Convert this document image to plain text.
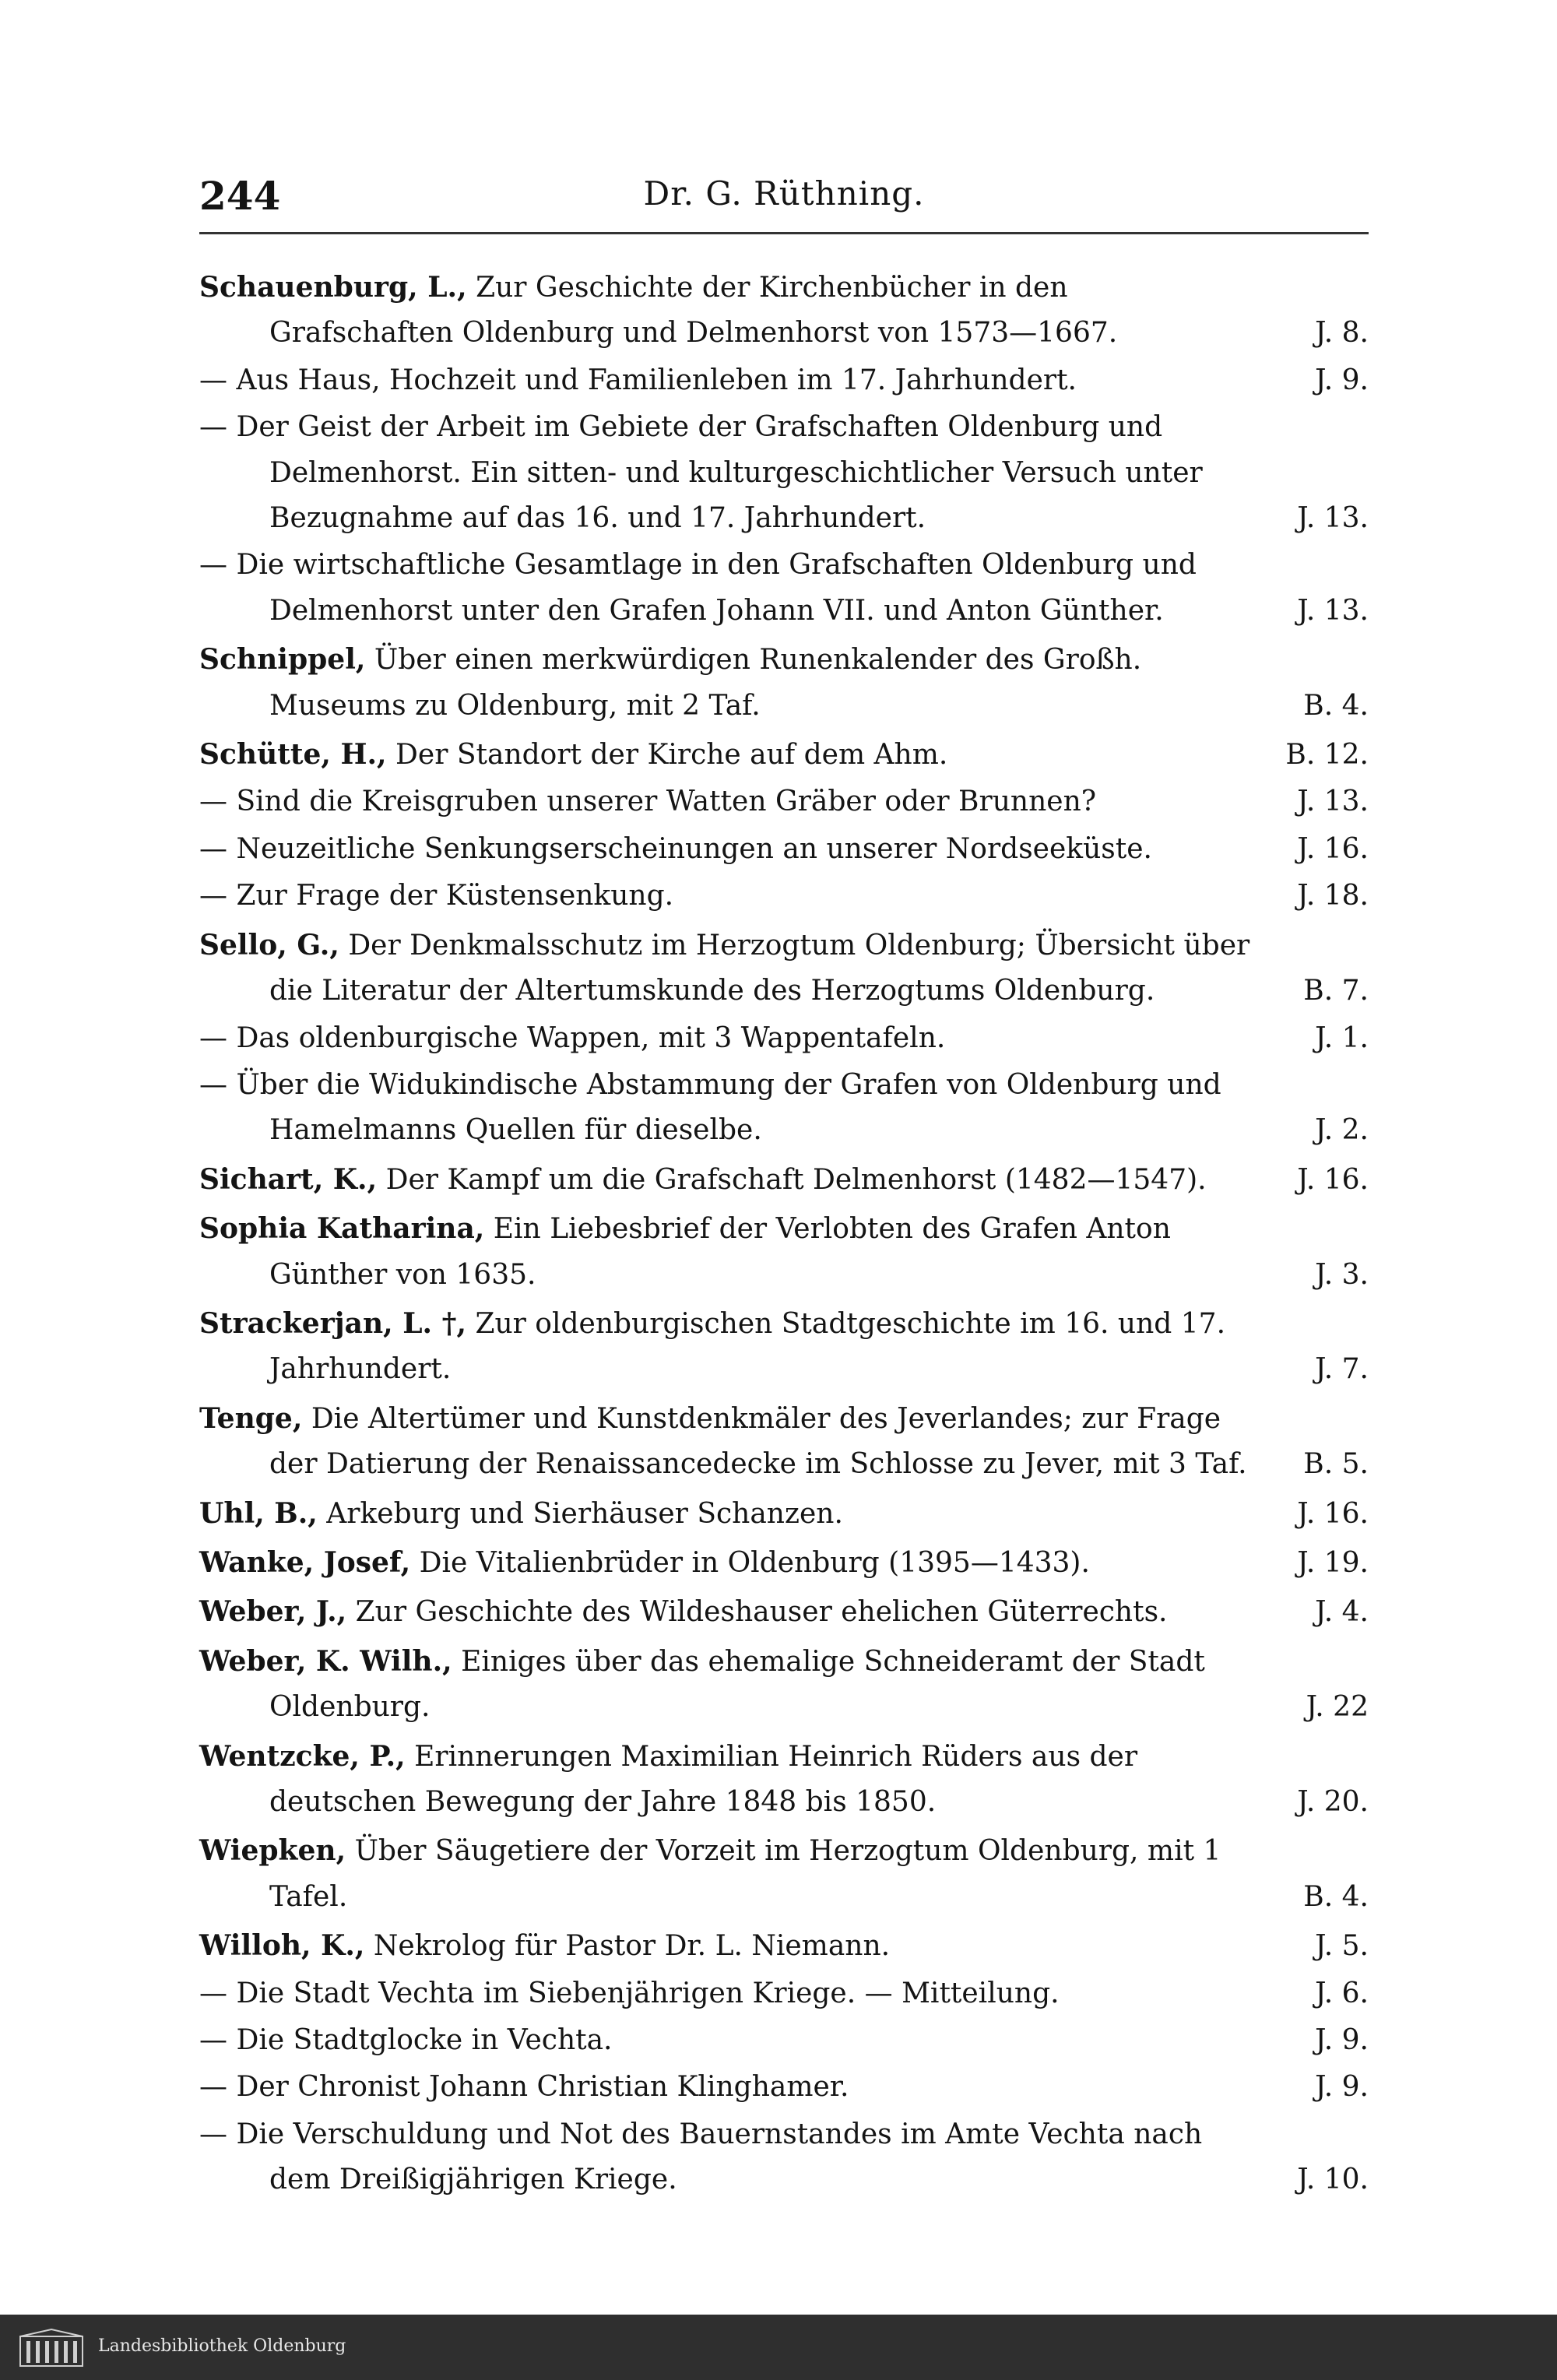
244	Dr. G. Rüthning.
Schauenburg, L., Zur Geschichte der Kirchenbücher in den Grafschaften Oldenburg und Delmenhorst von 1573—1667.	J. 8.
— Aus Haus, Hochzeit und Familienleben im 17. Jahrhundert.	J. 9.
— Der Geist der Arbeit im Gebiete der Grafschaften Oldenburg und Delmenhorst. Ein sitten- und kulturgeschichtlicher Versuch unter Bezugnahme auf das 16. und 17. Jahrhundert.	J. 13.
— Die wirtschaftliche Gesamtlage in den Grafschaften Oldenburg und Delmenhorst unter den Grafen Johann VII. und Anton Günther.	J. 13.
Schnippel, Über einen merkwürdigen Runenkalender des Großh. Museums zu Oldenburg, mit 2 Taf.	B. 4.
Schütte, H., Der Standort der Kirche auf dem Ahm.	B. 12.
— Sind die Kreisgruben unserer Watten Gräber oder Brunnen?	J. 13.
— Neuzeitliche Senkungserscheinungen an unserer Nordseeküste.	J. 16.
— Zur Frage der Küstensenkung.	J. 18.
Sello, G., Der Denkmalsschutz im Herzogtum Oldenburg; Übersicht über die Literatur der Altertumskunde des Herzogtums Oldenburg.	B. 7.
— Das oldenburgische Wappen, mit 3 Wappentafeln.	J. 1.
— Über die Widukindische Abstammung der Grafen von Oldenburg und Hamelmanns Quellen für dieselbe.	J. 2.
Sichart, K., Der Kampf um die Grafschaft Delmenhorst (1482—1547).	J. 16.
Sophia Katharina, Ein Liebesbrief der Verlobten des Grafen Anton Günther von 1635.	J. 3.
Strackerjan, L. †, Zur oldenburgischen Stadtgeschichte im 16. und 17. Jahrhundert.	J. 7.
Tenge, Die Altertümer und Kunstdenkmäler des Jeverlandes; zur Frage der Datierung der Renaissancedecke im Schlosse zu Jever, mit 3 Taf.	B. 5.
Uhl, B., Arkeburg und Sierhäuser Schanzen.	J. 16.
Wanke, Josef, Die Vitalienbrüder in Oldenburg (1395—1433).	J. 19.
Weber, J., Zur Geschichte des Wildeshauser ehelichen Güterrechts.	J. 4.
Weber, K. Wilh., Einiges über das ehemalige Schneideramt der Stadt Oldenburg.	J. 22
Wentzcke, P., Erinnerungen Maximilian Heinrich Rüders aus der deutschen Bewegung der Jahre 1848 bis 1850.	J. 20.
Wiepken, Über Säugetiere der Vorzeit im Herzogtum Oldenburg, mit 1 Tafel.	B. 4.
Willoh, K., Nekrolog für Pastor Dr. L. Niemann.	J. 5.
— Die Stadt Vechta im Siebenjährigen Kriege. — Mitteilung.	J. 6.
— Die Stadtglocke in Vechta.	J. 9.
— Der Chronist Johann Christian Klinghamer.	J. 9.
— Die Verschuldung und Not des Bauernstandes im Amte Vechta nach dem Dreißigjährigen Kriege.	J. 10.
Landesbibliothek Oldenburg
